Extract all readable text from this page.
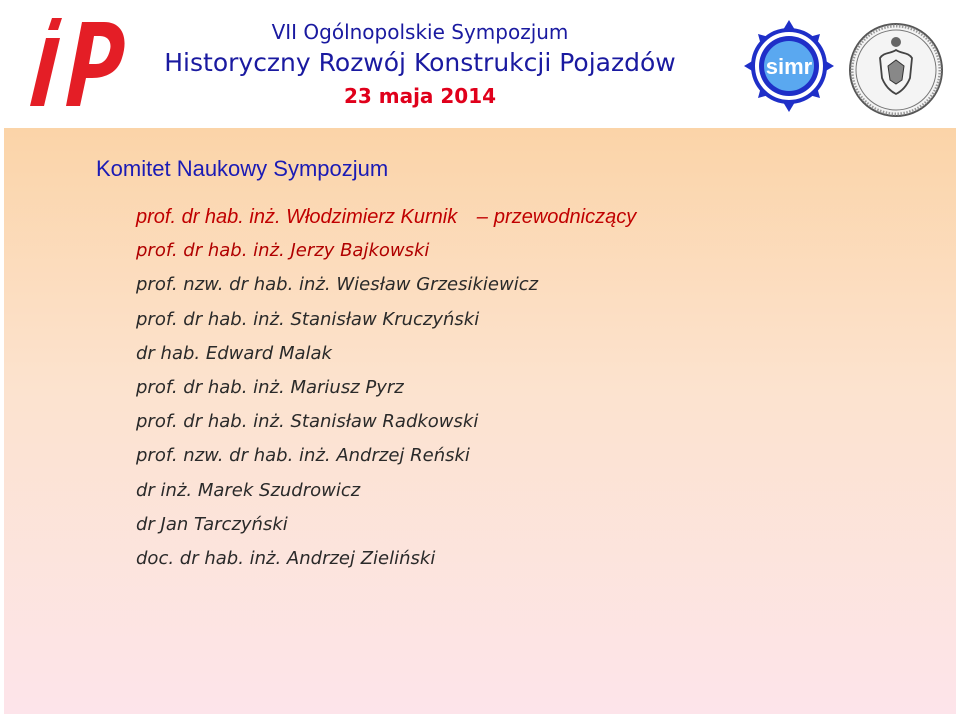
VII Ogólnopolskie Sympozjum
Historyczny Rozwój Konstrukcji Pojazdów
23 maja 2014
simr
Komitet Naukowy Sympozjum
prof. dr hab. inż. Włodzimierz Kurnik – przewodniczący
prof. dr hab. inż. Jerzy Bajkowski
prof. nzw. dr hab. inż. Wiesław Grzesikiewicz
prof. dr hab. inż. Stanisław Kruczyński
dr hab. Edward Malak
prof. dr hab. inż. Mariusz Pyrz
prof. dr hab. inż. Stanisław Radkowski
prof. nzw. dr hab. inż. Andrzej Reński
dr inż. Marek Szudrowicz
dr Jan Tarczyński
doc. dr hab. inż. Andrzej Zieliński
